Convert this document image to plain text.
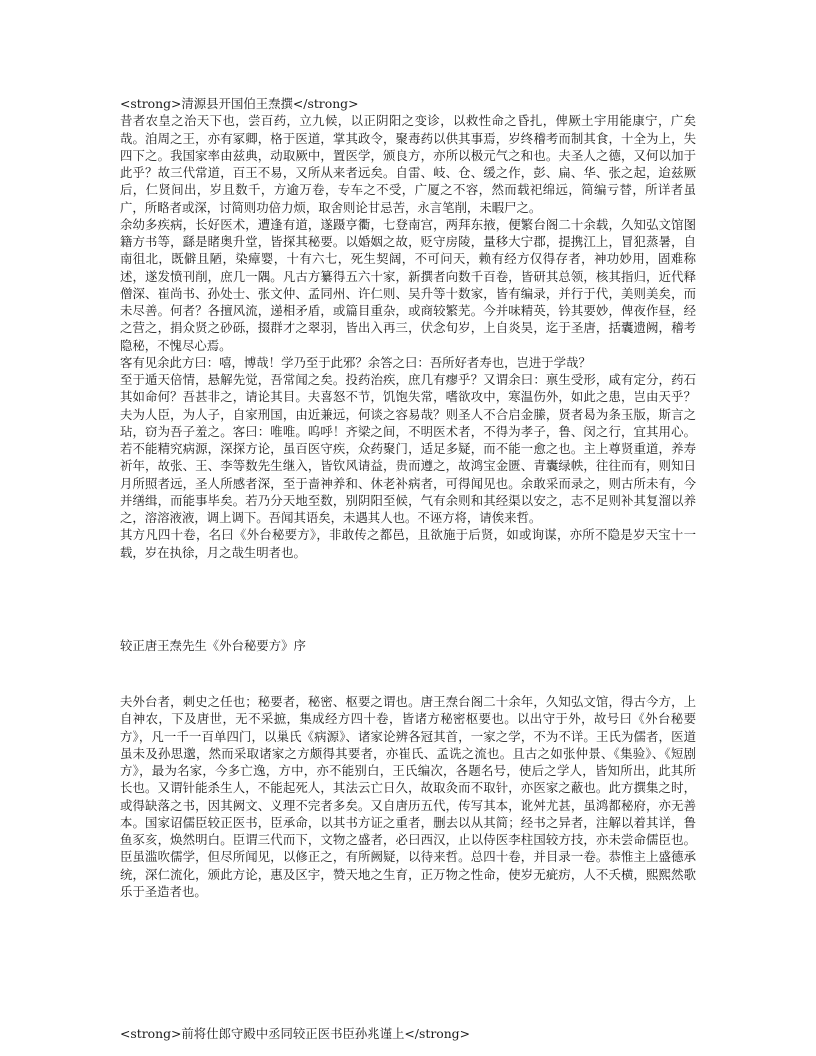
<strong>清源县开国伯王焘撰</strong>

昔者农皇之治天下也，尝百药，立九候，以正阴阳之变诊，以救性命之昏扎，俾厥土宇用能康宁，广矣哉。洎周之王，亦有冢卿，格于医道，掌其政令，聚毒药以供其事焉，岁终稽考而制其食，十全为上，失四下之。我国家率由兹典，动取厥中，置医学，颁良方，亦所以极元气之和也。夫圣人之德，又何以加于此乎？故三代常道，百王不易，又所从来者远矣。自雷、岐、仓、缓之作，彭、扁、华、张之起，迨兹厥后，仁贤间出，岁且数千，方逾万卷，专车之不受，广厦之不容，然而载祀绵远，简编亏替，所详者虽广，所略者或深，讨简则功倍力烦，取舍则论甘忌苦，永言笔削，未暇尸之。

余幼多疾病，长好医术，遭逢有道，遂蹑亨衢，七登南宫，两拜东掖，便繁台阁二十余载，久知弘文馆图籍方书等，繇是睹奥升堂，皆探其秘要。以婚姻之故，贬守房陵，量移大宁郡，提携江上，冒犯蒸暑，自南徂北，既僻且陋，染瘴婴，十有六七，死生契阔，不可问天，赖有经方仅得存者，神功妙用，固难称述，遂发愤刊削，庶几一隅。凡古方纂得五六十家，新撰者向数千百卷，皆研其总领，核其指归，近代释僧深、崔尚书、孙处士、张文仲、孟同州、许仁则、吴升等十数家，皆有编录，并行于代，美则美矣，而未尽善。何者？各擅风流，递相矛盾，或篇目重杂，或商较繁芜。今并味精英，钤其要妙，俾夜作昼，经之营之，捐众贤之砂砾，掇群才之翠羽，皆出入再三，伏念旬岁，上自炎昊，迄于圣唐，括囊遗阙，稽考隐秘，不愧尽心焉。

客有见余此方曰：嘻，博哉！学乃至于此邪？余答之曰：吾所好者寿也，岂进于学哉？

至于遁天倍情，悬解先觉，吾常闻之矣。投药治疾，庶几有瘳乎？又谓余曰：禀生受形，咸有定分，药石其如命何？吾甚非之，请论其目。夫喜怒不节，饥饱失常，嗜欲攻中，寒温伤外，如此之患，岂由天乎？夫为人臣，为人子，自家刑国，由近兼远，何谈之容易哉？则圣人不合启金縢，贤者曷为条玉版，斯言之玷，窃为吾子羞之。客曰：唯唯。呜呼！齐梁之间，不明医术者，不得为孝子，鲁、闵之行，宜其用心。若不能精究病源，深探方论，虽百医守疾，众药聚门，适足多疑，而不能一愈之也。主上尊贤重道，养寿祈年，故张、王、李等数先生继入，皆钦风请益，贵而遵之，故鸿宝金匮、青囊绿帙，往往而有，则知日月所照者远，圣人所感者深，至于啬神养和、休老补病者，可得闻见也。余敢采而录之，则古所未有，今并缮缉，而能事毕矣。若乃分天地至数，别阴阳至候，气有余则和其经渠以安之，志不足则补其复溜以养之，溶溶液液，调上调下。吾闻其语矣，未遇其人也。不诬方将，请俟来哲。

其方凡四十卷，名曰《外台秘要方》，非敢传之都邑，且欲施于后贤，如或询谋，亦所不隐是岁天宝十一载，岁在执徐，月之哉生明者也。

较正唐王焘先生《外台秘要方》序

夫外台者，刺史之任也；秘要者，秘密、枢要之谓也。唐王焘台阁二十余年，久知弘文馆，得古今方，上自神农，下及唐世，无不采摭，集成经方四十卷，皆诸方秘密枢要也。以出守于外，故号曰《外台秘要方》，凡一千一百单四门，以巢氏《病源》、诸家论辨各冠其首，一家之学，不为不详。王氏为儒者，医道虽未及孙思邈，然而采取诸家之方颇得其要者，亦崔氏、孟诜之流也。且古之如张仲景、《集验》、《短剧方》，最为名家，今多亡逸，方中，亦不能别白，王氏编次，各题名号，使后之学人，皆知所出，此其所长也。又谓针能杀生人，不能起死人，其法云亡日久，故取灸而不取针，亦医家之蔽也。此方撰集之时，或得缺落之书，因其阙文、义理不完者多矣。又自唐历五代，传写其本，讹舛尤甚，虽鸿都秘府，亦无善本。国家诏儒臣较正医书，臣承命，以其书方证之重者，删去以从其简；经书之异者，注解以着其详，鲁鱼豕亥，焕然明白。臣谓三代而下，文物之盛者，必曰西汉，止以侍医李柱国较方技，亦未尝命儒臣也。臣虽滥吹儒学，但尽所闻见，以修正之，有所阙疑，以待来哲。总四十卷，并目录一卷。恭惟主上盛德承统，深仁流化，颁此方论，惠及区宇，赞天地之生育，正万物之性命，使岁无疵疠，人不夭横，熙熙然歌乐于圣造者也。

<strong>前将仕郎守殿中丞同较正医书臣孙兆谨上</strong>
